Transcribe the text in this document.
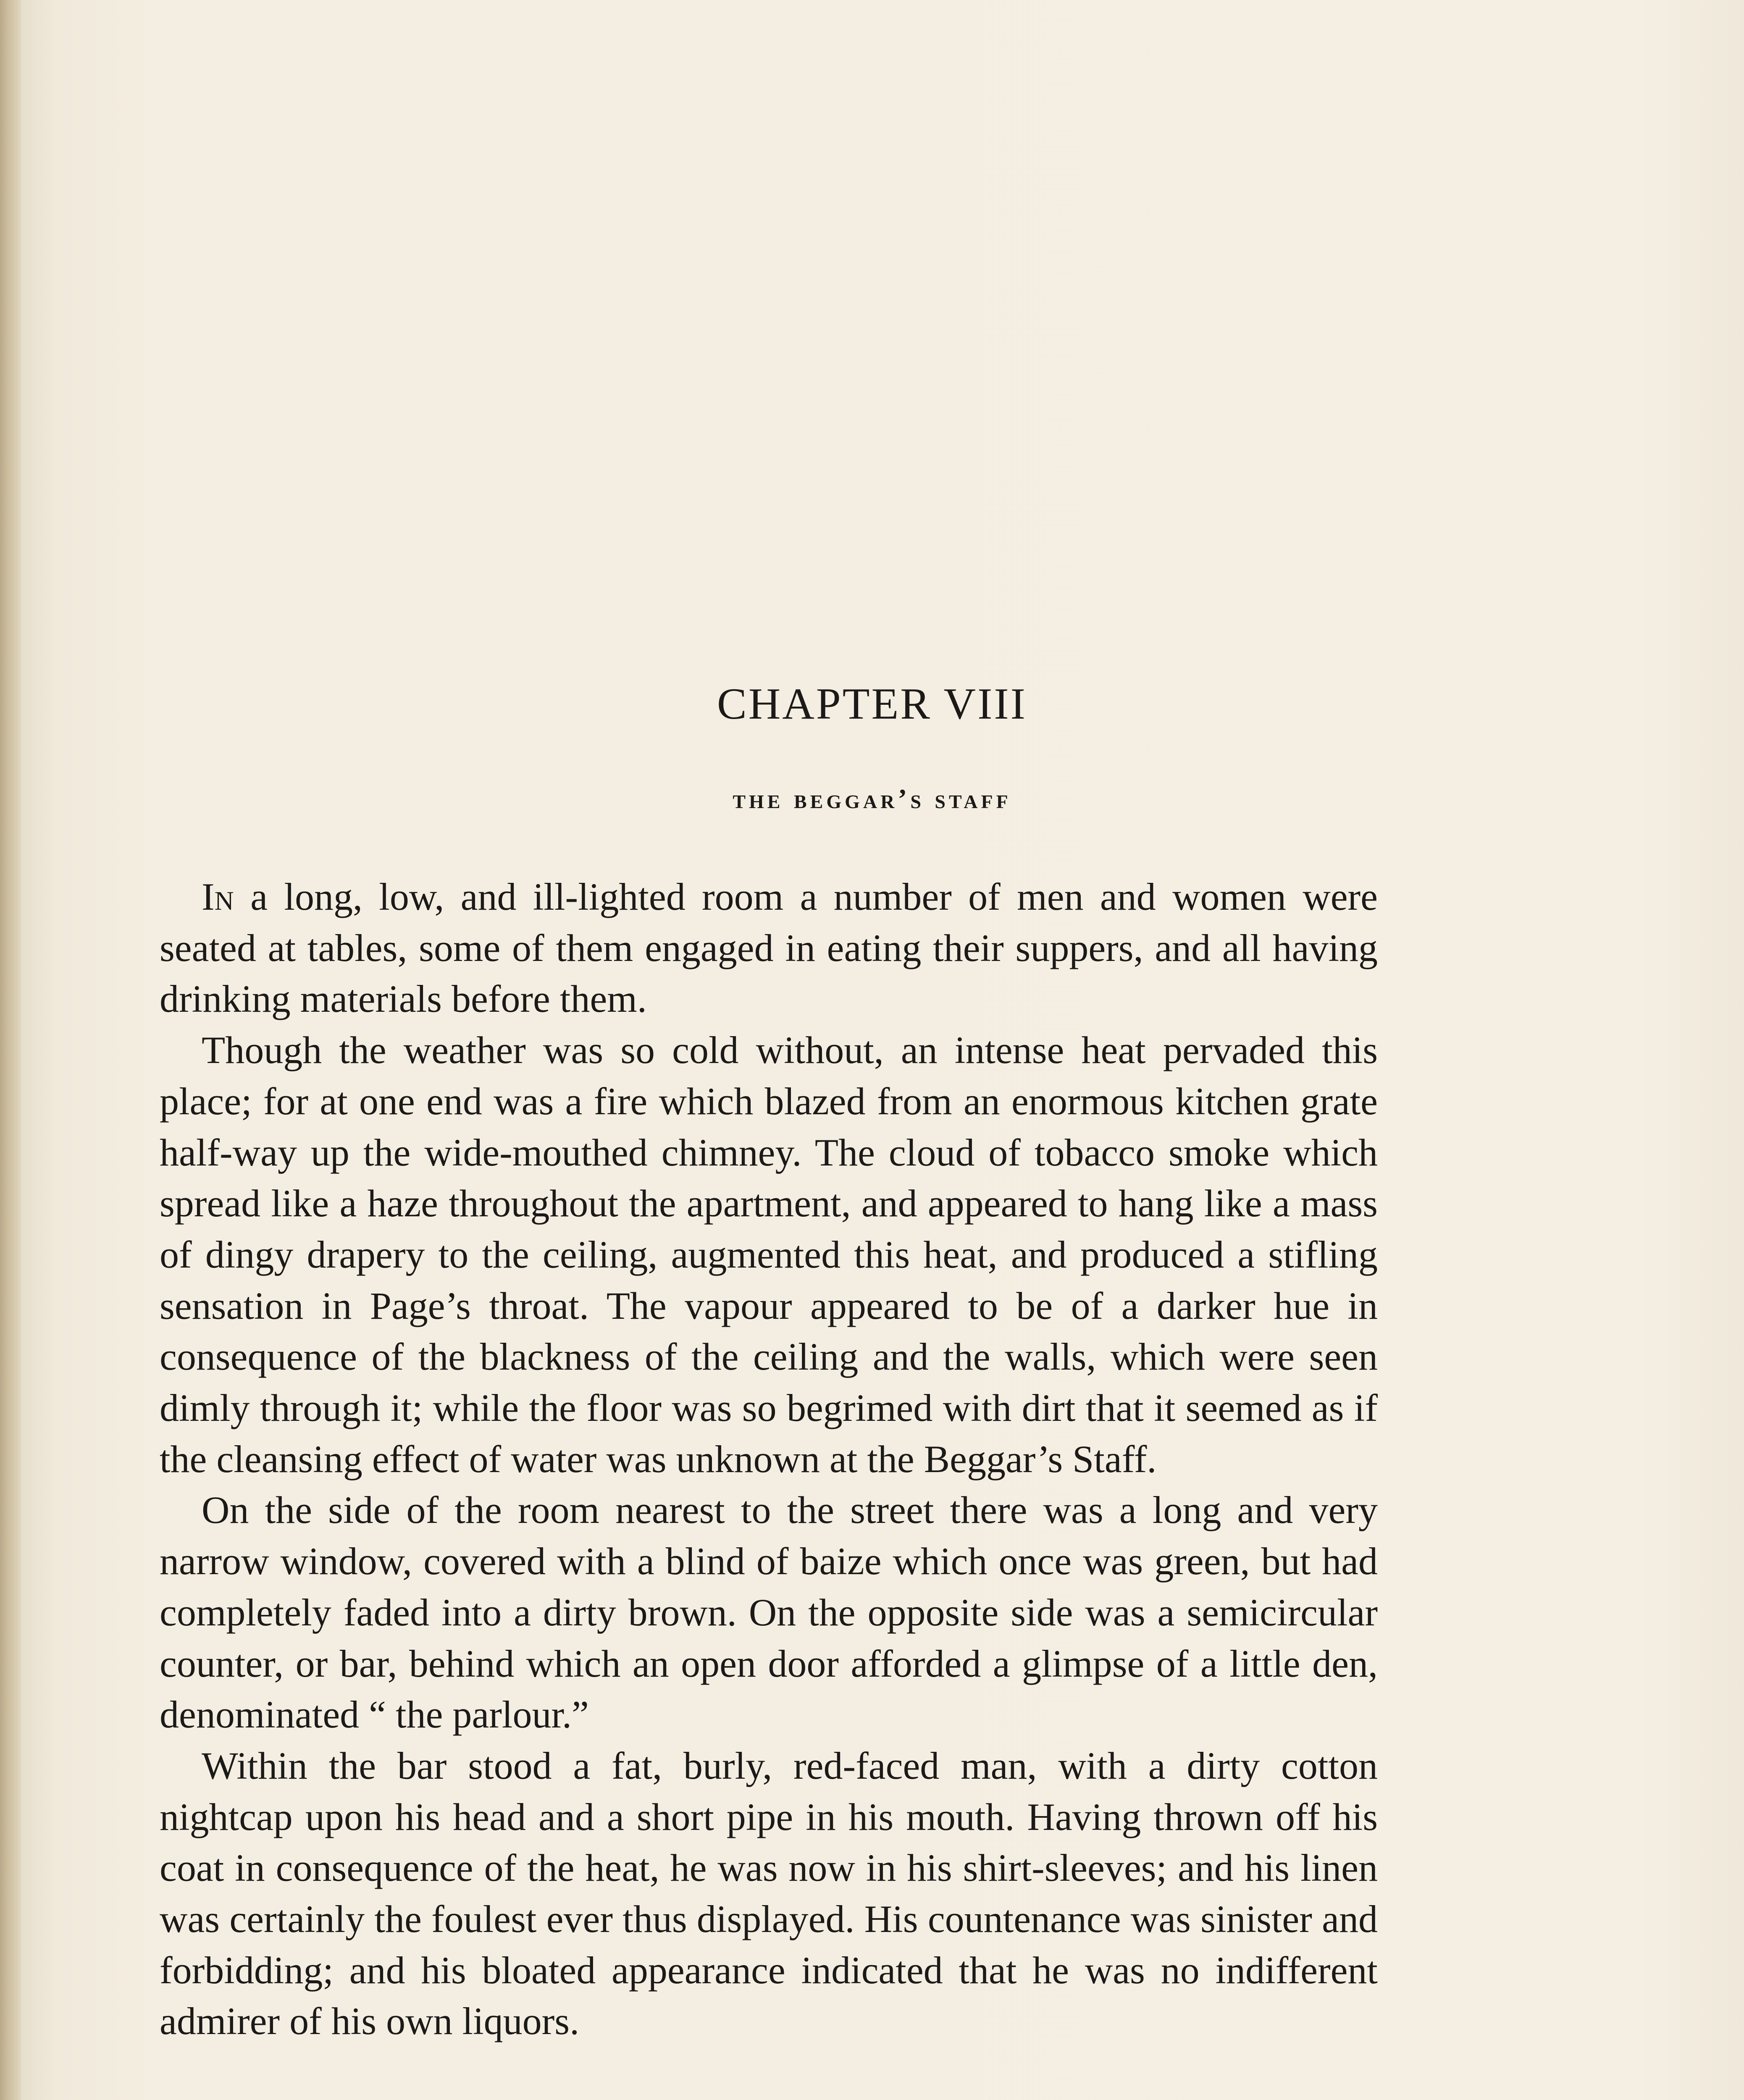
CHAPTER VIII
the beggar’s staff

In a long, low, and ill-lighted room a number of men and women were seated at tables, some of them engaged in eating their suppers, and all having drinking materials before them.

Though the weather was so cold without, an intense heat pervaded this place; for at one end was a fire which blazed from an enormous kitchen grate half-way up the wide-mouthed chimney. The cloud of tobacco smoke which spread like a haze throughout the apartment, and appeared to hang like a mass of dingy drapery to the ceiling, augmented this heat, and produced a stifling sensation in Page’s throat. The vapour appeared to be of a darker hue in consequence of the blackness of the ceiling and the walls, which were seen dimly through it; while the floor was so begrimed with dirt that it seemed as if the cleansing effect of water was unknown at the Beggar’s Staff.

On the side of the room nearest to the street there was a long and very narrow window, covered with a blind of baize which once was green, but had completely faded into a dirty brown. On the opposite side was a semicircular counter, or bar, behind which an open door afforded a glimpse of a little den, denominated “ the parlour.”

Within the bar stood a fat, burly, red-faced man, with a dirty cotton nightcap upon his head and a short pipe in his mouth. Having thrown off his coat in consequence of the heat, he was now in his shirt-sleeves; and his linen was certainly the foulest ever thus displayed. His countenance was sinister and forbidding; and his bloated appearance indicated that he was no indifferent admirer of his own liquors.
